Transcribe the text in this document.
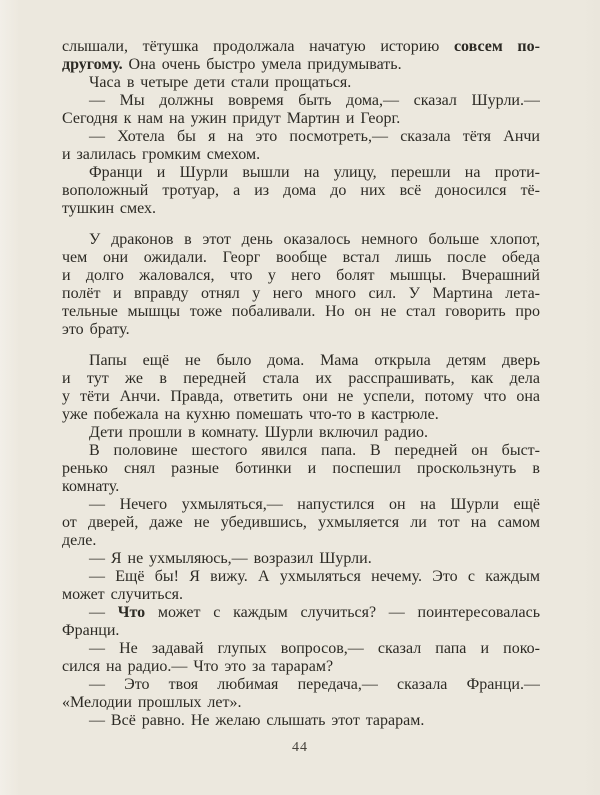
слышали, тётушка продолжала начатую историю совсем по-
другому. Она очень быстро умела придумывать.
Часа в четыре дети стали прощаться.
— Мы должны вовремя быть дома,— сказал Шурли.—
Сегодня к нам на ужин придут Мартин и Георг.
— Хотела бы я на это посмотреть,— сказала тётя Анчи
и залилась громким смехом.
Франци и Шурли вышли на улицу, перешли на проти-
воположный тротуар, а из дома до них всё доносился тё-
тушкин смех.
У драконов в этот день оказалось немного больше хлопот,
чем они ожидали. Георг вообще встал лишь после обеда
и долго жаловался, что у него болят мышцы. Вчерашний
полёт и вправду отнял у него много сил. У Мартина лета-
тельные мышцы тоже побаливали. Но он не стал говорить про
это брату.
Папы ещё не было дома. Мама открыла детям дверь
и тут же в передней стала их расспрашивать, как дела
у тёти Анчи. Правда, ответить они не успели, потому что она
уже побежала на кухню помешать что-то в кастрюле.
Дети прошли в комнату. Шурли включил радио.
В половине шестого явился папа. В передней он быст-
ренько снял разные ботинки и поспешил проскользнуть в
комнату.
— Нечего ухмыляться,— напустился он на Шурли ещё
от дверей, даже не убедившись, ухмыляется ли тот на самом
деле.
— Я не ухмыляюсь,— возразил Шурли.
— Ещё бы! Я вижу. А ухмыляться нечему. Это с каждым
может случиться.
— Что может с каждым случиться? — поинтересовалась
Франци.
— Не задавай глупых вопросов,— сказал папа и поко-
сился на радио.— Что это за тарарам?
— Это твоя любимая передача,— сказала Франци.—
«Мелодии прошлых лет».
— Всё равно. Не желаю слышать этот тарарам.
44
